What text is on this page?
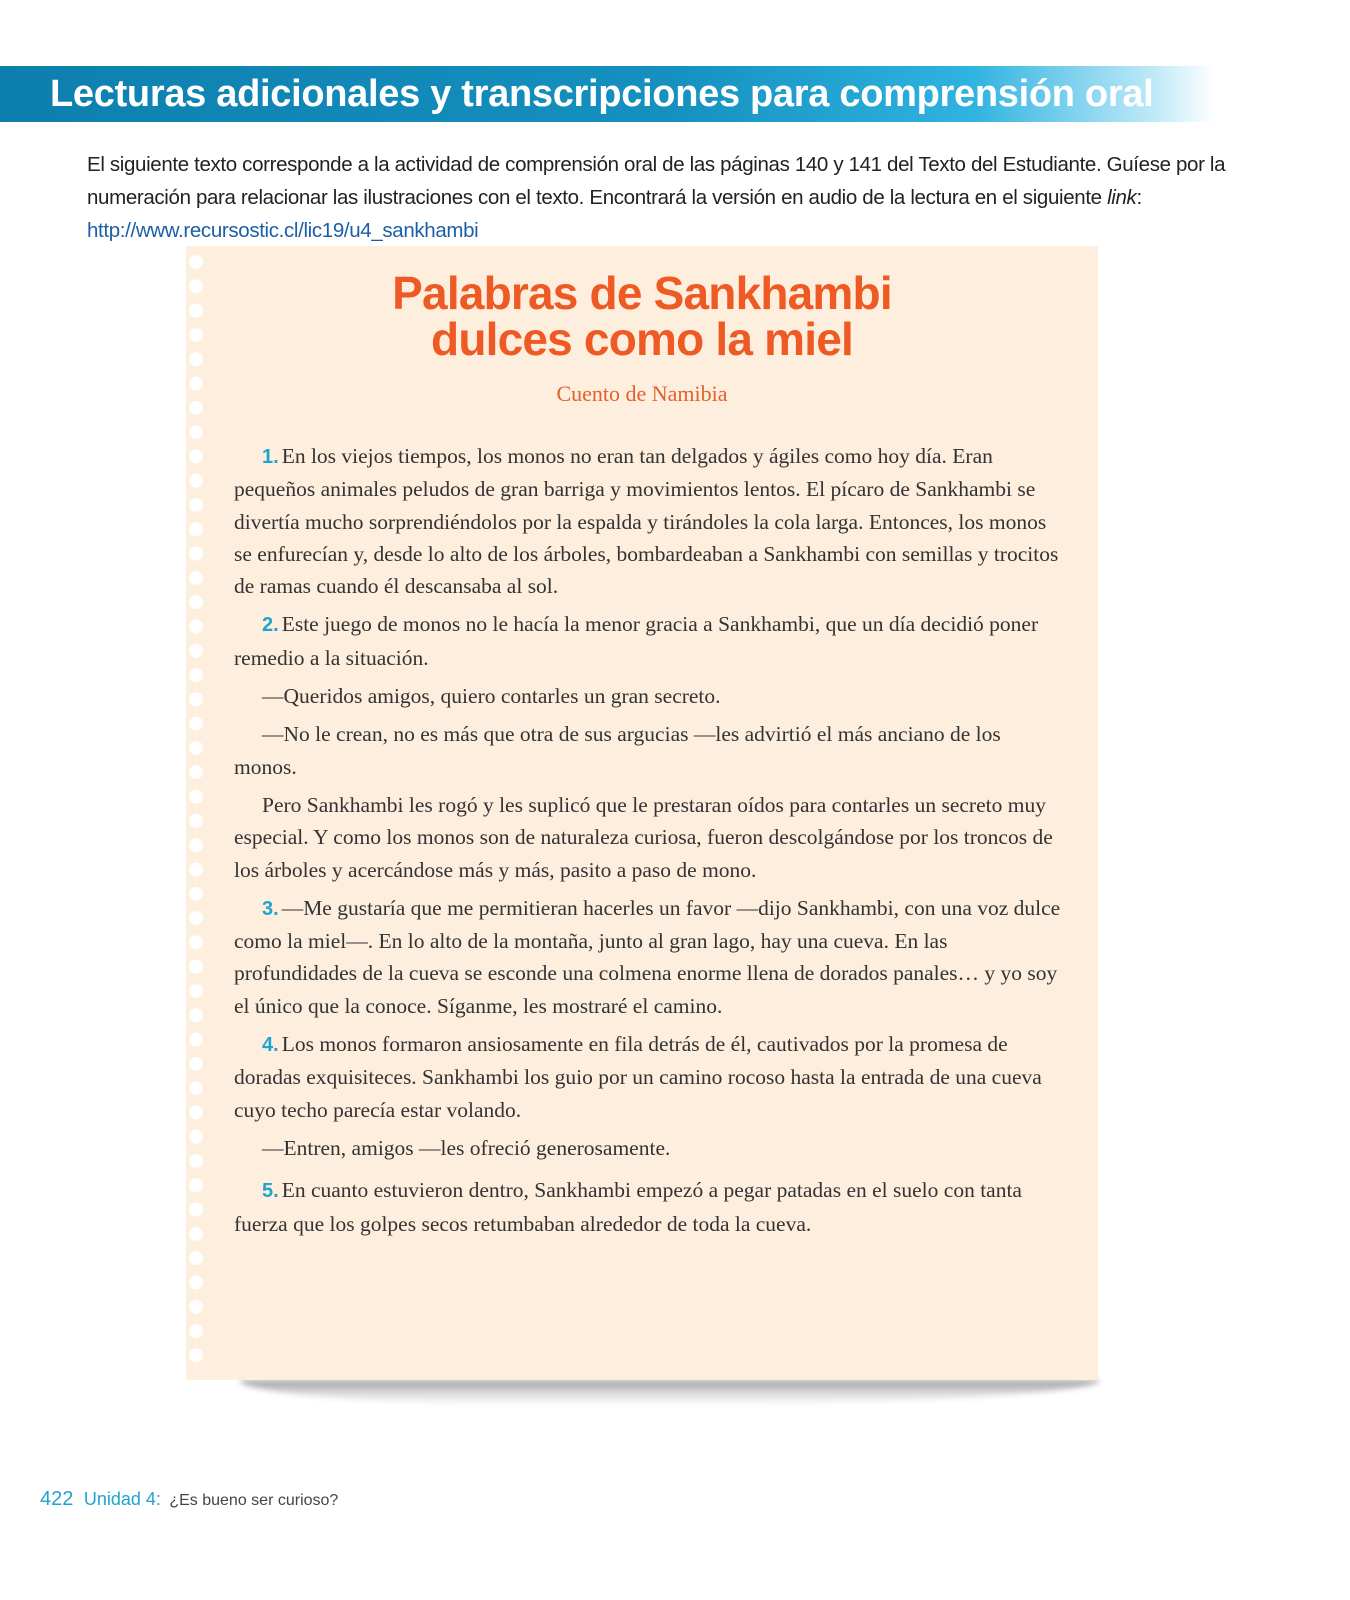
Lecturas adicionales y transcripciones para comprensión oral

El siguiente texto corresponde a la actividad de comprensión oral de las páginas 140 y 141 del Texto del Estudiante. Guíese por la numeración para relacionar las ilustraciones con el texto. Encontrará la versión en audio de la lectura en el siguiente link: http://www.recursostic.cl/lic19/u4_sankhambi

Palabras de Sankhambi
dulces como la miel

Cuento de Namibia

1. En los viejos tiempos, los monos no eran tan delgados y ágiles como hoy día. Eran pequeños animales peludos de gran barriga y movimientos lentos. El pícaro de Sankhambi se divertía mucho sorprendiéndolos por la espalda y tirándoles la cola larga. Entonces, los monos se enfurecían y, desde lo alto de los árboles, bombardeaban a Sankhambi con semillas y trocitos de ramas cuando él descansaba al sol.

2. Este juego de monos no le hacía la menor gracia a Sankhambi, que un día decidió poner remedio a la situación.

—Queridos amigos, quiero contarles un gran secreto.

—No le crean, no es más que otra de sus argucias —les advirtió el más anciano de los monos.

Pero Sankhambi les rogó y les suplicó que le prestaran oídos para contarles un secreto muy especial. Y como los monos son de naturaleza curiosa, fueron descolgándose por los troncos de los árboles y acercándose más y más, pasito a paso de mono.

3. —Me gustaría que me permitieran hacerles un favor —dijo Sankhambi, con una voz dulce como la miel—. En lo alto de la montaña, junto al gran lago, hay una cueva. En las profundidades de la cueva se esconde una colmena enorme llena de dorados panales… y yo soy el único que la conoce. Síganme, les mostraré el camino.

4. Los monos formaron ansiosamente en fila detrás de él, cautivados por la promesa de doradas exquisiteces. Sankhambi los guio por un camino rocoso hasta la entrada de una cueva cuyo techo parecía estar volando.

—Entren, amigos —les ofreció generosamente.

5. En cuanto estuvieron dentro, Sankhambi empezó a pegar patadas en el suelo con tanta fuerza que los golpes secos retumbaban alrededor de toda la cueva.

422 Unidad 4: ¿Es bueno ser curioso?
